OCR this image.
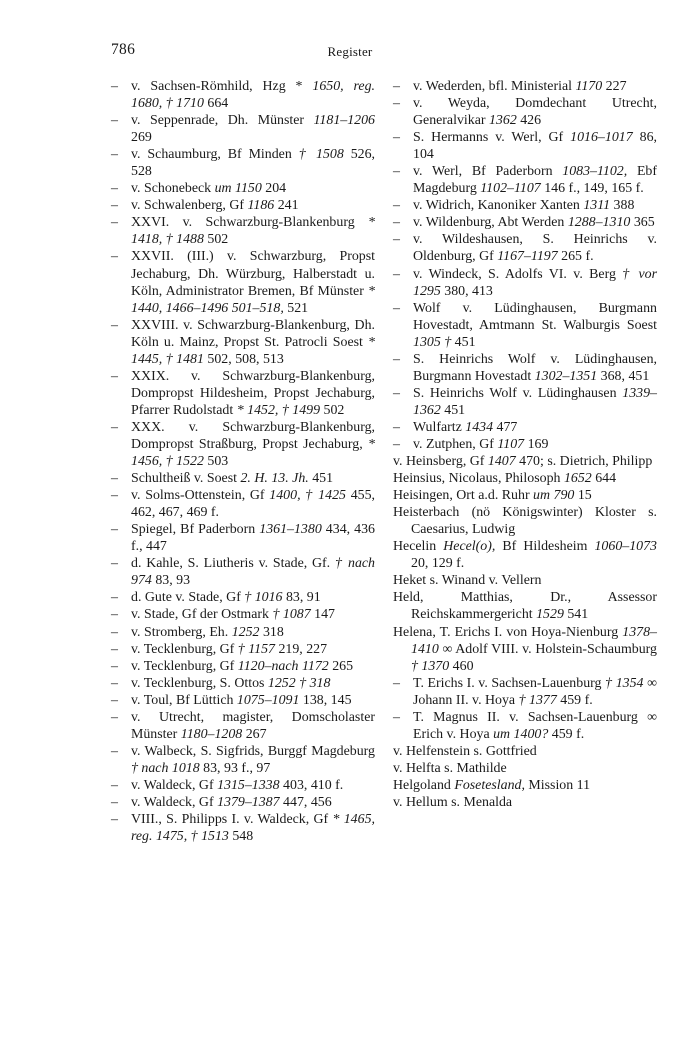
786	Register
– v. Sachsen-Römhild, Hzg * 1650, reg. 1680, † 1710 664
– v. Seppenrade, Dh. Münster 1181–1206 269
– v. Schaumburg, Bf Minden † 1508 526, 528
– v. Schonebeck um 1150 204
– v. Schwalenberg, Gf 1186 241
– XXVI. v. Schwarzburg-Blankenburg * 1418, † 1488 502
– XXVII. (III.) v. Schwarzburg, Propst Jechaburg, Dh. Würzburg, Halberstadt u. Köln, Administrator Bremen, Bf Münster * 1440, 1466–1496 501–518, 521
– XXVIII. v. Schwarzburg-Blankenburg, Dh. Köln u. Mainz, Propst St. Patrocli Soest * 1445, † 1481 502, 508, 513
– XXIX. v. Schwarzburg-Blankenburg, Dompropst Hildesheim, Propst Jechaburg, Pfarrer Rudolstadt * 1452, † 1499 502
– XXX. v. Schwarzburg-Blankenburg, Dompropst Straßburg, Propst Jechaburg, * 1456, † 1522 503
– Schultheiß v. Soest 2. H. 13. Jh. 451
– v. Solms-Ottenstein, Gf 1400, † 1425 455, 462, 467, 469 f.
– Spiegel, Bf Paderborn 1361–1380 434, 436 f., 447
– d. Kahle, S. Liutheris v. Stade, Gf. † nach 974 83, 93
– d. Gute v. Stade, Gf † 1016 83, 91
– v. Stade, Gf der Ostmark † 1087 147
– v. Stromberg, Eh. 1252 318
– v. Tecklenburg, Gf † 1157 219, 227
– v. Tecklenburg, Gf 1120–nach 1172 265
– v. Tecklenburg, S. Ottos 1252 † 318
– v. Toul, Bf Lüttich 1075–1091 138, 145
– v. Utrecht, magister, Domscholaster Münster 1180–1208 267
– v. Walbeck, S. Sigfrids, Burggf Magdeburg † nach 1018 83, 93 f., 97
– v. Waldeck, Gf 1315–1338 403, 410 f.
– v. Waldeck, Gf 1379–1387 447, 456
– VIII., S. Philipps I. v. Waldeck, Gf * 1465, reg. 1475, † 1513 548
– v. Wederden, bfl. Ministerial 1170 227
– v. Weyda, Domdechant Utrecht, Generalvikar 1362 426
– S. Hermanns v. Werl, Gf 1016–1017 86, 104
– v. Werl, Bf Paderborn 1083–1102, Ebf Magdeburg 1102–1107 146 f., 149, 165 f.
– v. Widrich, Kanoniker Xanten 1311 388
– v. Wildenburg, Abt Werden 1288–1310 365
– v. Wildeshausen, S. Heinrichs v. Oldenburg, Gf 1167–1197 265 f.
– v. Windeck, S. Adolfs VI. v. Berg † vor 1295 380, 413
– Wolf v. Lüdinghausen, Burgmann Hovestadt, Amtmann St. Walburgis Soest 1305 † 451
– S. Heinrichs Wolf v. Lüdinghausen, Burgmann Hovestadt 1302–1351 368, 451
– S. Heinrichs Wolf v. Lüdinghausen 1339–1362 451
– Wulfartz 1434 477
– v. Zutphen, Gf 1107 169
v. Heinsberg, Gf 1407 470; s. Dietrich, Philipp
Heinsius, Nicolaus, Philosoph 1652 644
Heisingen, Ort a.d. Ruhr um 790 15
Heisterbach (nö Königswinter) Kloster s. Caesarius, Ludwig
Hecelin Hecel(o), Bf Hildesheim 1060–1073 20, 129 f.
Heket s. Winand v. Vellern
Held, Matthias, Dr., Assessor Reichskammergericht 1529 541
Helena, T. Erichs I. von Hoya-Nienburg 1378–1410 ∞ Adolf VIII. v. Holstein-Schaumburg † 1370 460
– T. Erichs I. v. Sachsen-Lauenburg † 1354 ∞ Johann II. v. Hoya † 1377 459 f.
– T. Magnus II. v. Sachsen-Lauenburg ∞ Erich v. Hoya um 1400? 459 f.
v. Helfenstein s. Gottfried
v. Helfta s. Mathilde
Helgoland Fosetesland, Mission 11
v. Hellum s. Menalda
